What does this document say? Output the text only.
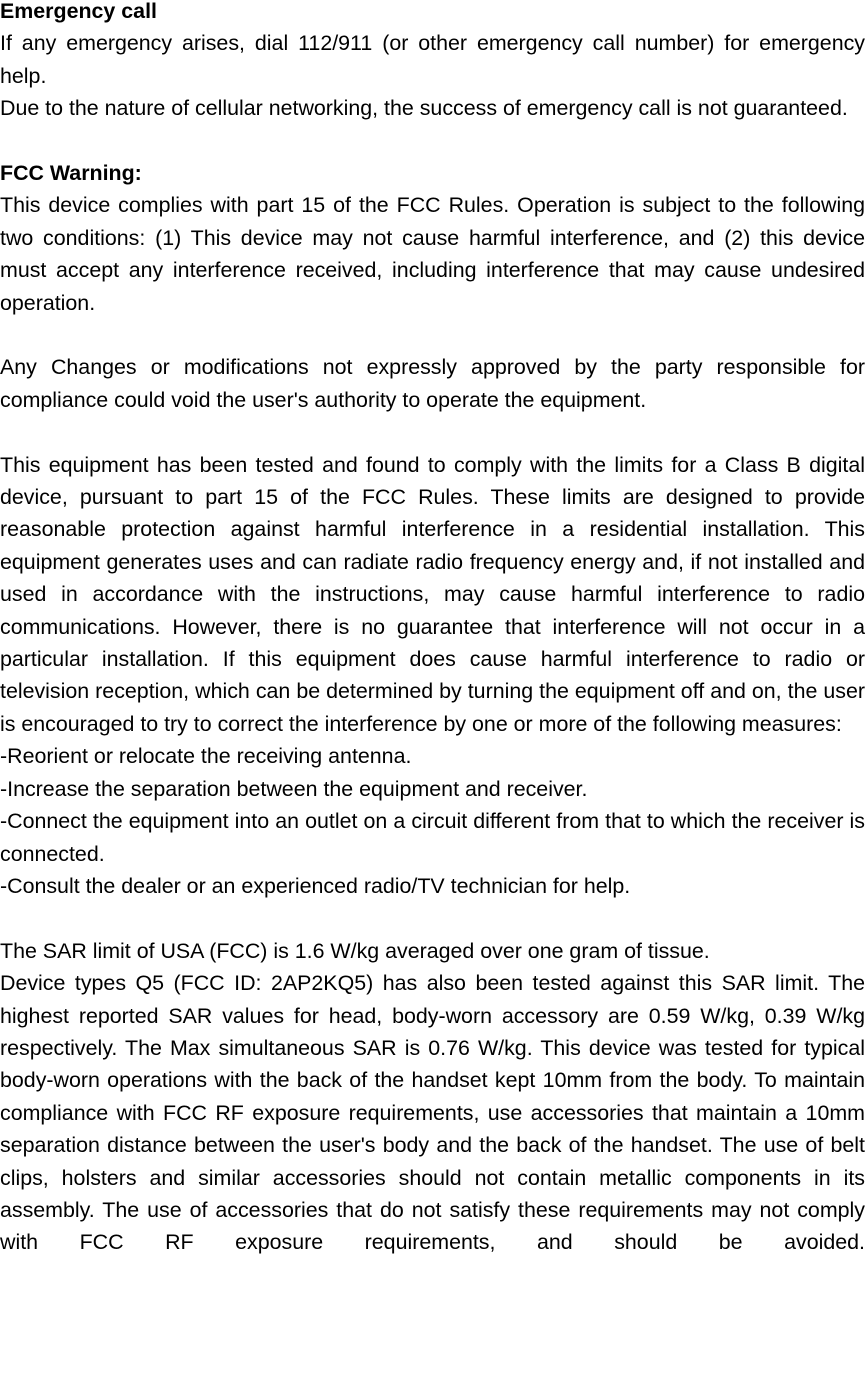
Emergency call

If any emergency arises, dial 112/911 (or other emergency call number) for emergency help.

Due to the nature of cellular networking, the success of emergency call is not guaranteed.

FCC Warning:

This device complies with part 15 of the FCC Rules. Operation is subject to the following two conditions: (1) This device may not cause harmful interference, and (2) this device must accept any interference received, including interference that may cause undesired operation.

Any Changes or modifications not expressly approved by the party responsible for compliance could void the user's authority to operate the equipment.

This equipment has been tested and found to comply with the limits for a Class B digital device, pursuant to part 15 of the FCC Rules. These limits are designed to provide reasonable protection against harmful interference in a residential installation. This equipment generates uses and can radiate radio frequency energy and, if not installed and used in accordance with the instructions, may cause harmful interference to radio communications. However, there is no guarantee that interference will not occur in a particular installation. If this equipment does cause harmful interference to radio or television reception, which can be determined by turning the equipment off and on, the user is encouraged to try to correct the interference by one or more of the following measures:

-Reorient or relocate the receiving antenna.

-Increase the separation between the equipment and receiver.

-Connect the equipment into an outlet on a circuit different from that to which the receiver is connected.

-Consult the dealer or an experienced radio/TV technician for help.

The SAR limit of USA (FCC) is 1.6 W/kg averaged over one gram of tissue.

Device types Q5 (FCC ID: 2AP2KQ5) has also been tested against this SAR limit. The highest reported SAR values for head, body-worn accessory are 0.59 W/kg, 0.39 W/kg respectively. The Max simultaneous SAR is 0.76 W/kg. This device was tested for typical body-worn operations with the back of the handset kept 10mm from the body. To maintain compliance with FCC RF exposure requirements, use accessories that maintain a 10mm separation distance between the user's body and the back of the handset. The use of belt clips, holsters and similar accessories should not contain metallic components in its assembly. The use of accessories that do not satisfy these requirements may not comply with FCC RF exposure requirements, and should be avoided.
